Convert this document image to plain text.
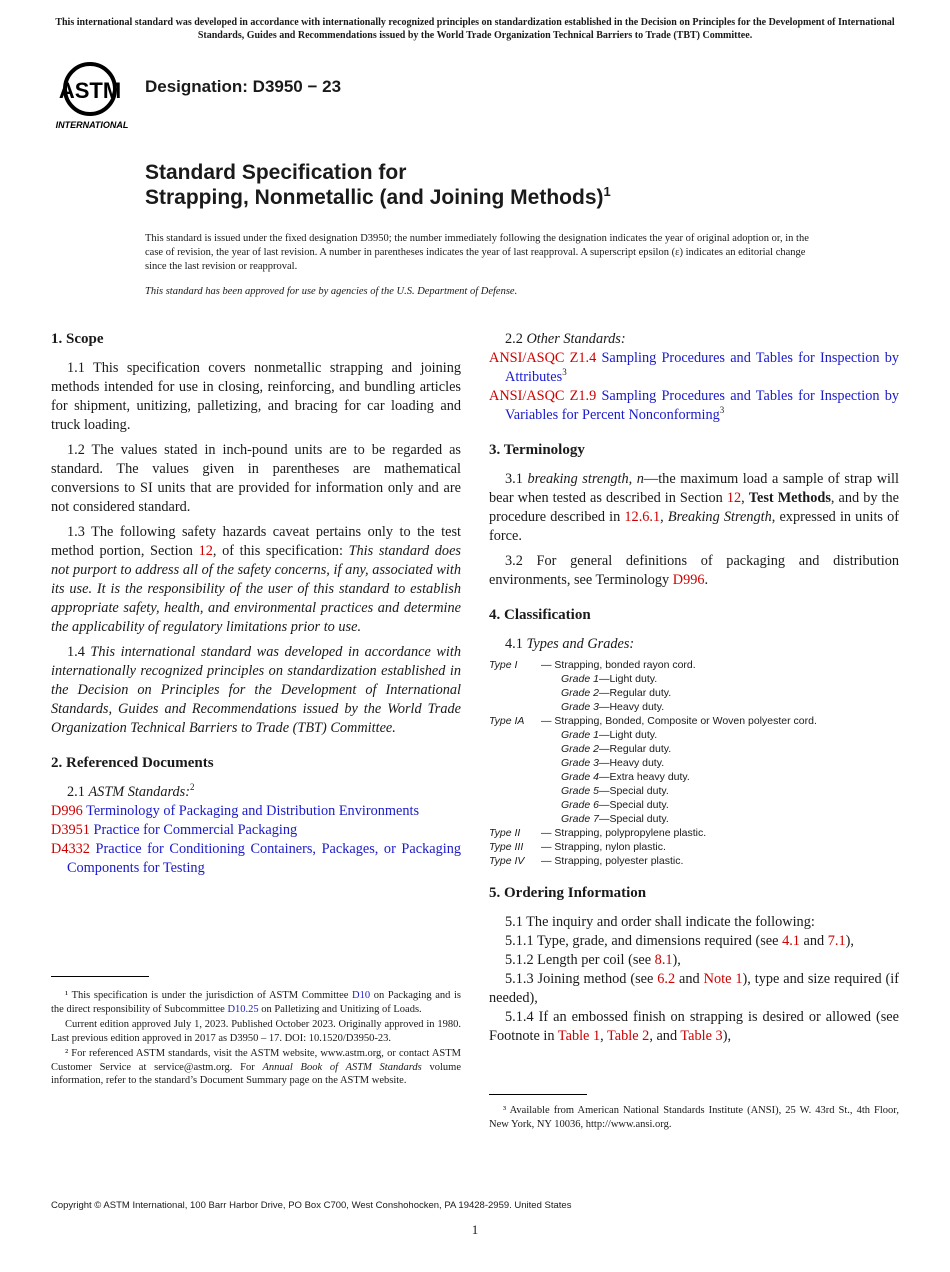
This international standard was developed in accordance with internationally recognized principles on standardization established in the Decision on Principles for the Development of International Standards, Guides and Recommendations issued by the World Trade Organization Technical Barriers to Trade (TBT) Committee.
ASTM
INTERNATIONAL
Designation: D3950 − 23
Standard Specification for
Strapping, Nonmetallic (and Joining Methods)$^1$
This standard is issued under the fixed designation D3950; the number immediately following the designation indicates the year of original adoption or, in the case of revision, the year of last revision. A number in parentheses indicates the year of last reapproval. A superscript epsilon (ε) indicates an editorial change since the last revision or reapproval.
This standard has been approved for use by agencies of the U.S. Department of Defense.
1. Scope

1.1 This specification covers nonmetallic strapping and joining methods intended for use in closing, reinforcing, and bundling articles for shipment, unitizing, palletizing, and bracing for car loading and truck loading.

1.2 The values stated in inch-pound units are to be regarded as standard. The values given in parentheses are mathematical conversions to SI units that are provided for information only and are not considered standard.

1.3 The following safety hazards caveat pertains only to the test method portion, Section 12, of this specification: This standard does not purport to address all of the safety concerns, if any, associated with its use. It is the responsibility of the user of this standard to establish appropriate safety, health, and environmental practices and determine the applicability of regulatory limitations prior to use.

1.4 This international standard was developed in accordance with internationally recognized principles on standardization established in the Decision on Principles for the Development of International Standards, Guides and Recommendations issued by the World Trade Organization Technical Barriers to Trade (TBT) Committee.

2. Referenced Documents

2.1 ASTM Standards:$^2$

D996 Terminology of Packaging and Distribution Environments

D3951 Practice for Commercial Packaging

D4332 Practice for Conditioning Containers, Packages, or Packaging Components for Testing

¹ This specification is under the jurisdiction of ASTM Committee D10 on Packaging and is the direct responsibility of Subcommittee D10.25 on Palletizing and Unitizing of Loads.

Current edition approved July 1, 2023. Published October 2023. Originally approved in 1980. Last previous edition approved in 2017 as D3950 – 17. DOI: 10.1520/D3950-23.

² For referenced ASTM standards, visit the ASTM website, www.astm.org, or contact ASTM Customer Service at service@astm.org. For Annual Book of ASTM Standards volume information, refer to the standard’s Document Summary page on the ASTM website.

2.2 Other Standards:

ANSI/ASQC Z1.4 Sampling Procedures and Tables for Inspection by Attributes$^3$

ANSI/ASQC Z1.9 Sampling Procedures and Tables for Inspection by Variables for Percent Nonconforming$^3$

3. Terminology

3.1 breaking strength, n—the maximum load a sample of strap will bear when tested as described in Section 12, Test Methods, and by the procedure described in 12.6.1, Breaking Strength, expressed in units of force.

3.2 For general definitions of packaging and distribution environments, see Terminology D996.

4. Classification

4.1 Types and Grades:

Type I	— Strapping, bonded rayon cord.
Grade 1—Light duty.
Grade 2—Regular duty.
Grade 3—Heavy duty.
Type IA	— Strapping, Bonded, Composite or Woven polyester cord.
Grade 1—Light duty.
Grade 2—Regular duty.
Grade 3—Heavy duty.
Grade 4—Extra heavy duty.
Grade 5—Special duty.
Grade 6—Special duty.
Grade 7—Special duty.
Type II	— Strapping, polypropylene plastic.
Type III	— Strapping, nylon plastic.
Type IV	— Strapping, polyester plastic.
5. Ordering Information

5.1 The inquiry and order shall indicate the following:

5.1.1 Type, grade, and dimensions required (see 4.1 and 7.1),

5.1.2 Length per coil (see 8.1),

5.1.3 Joining method (see 6.2 and Note 1), type and size required (if needed),

5.1.4 If an embossed finish on strapping is desired or allowed (see Footnote in Table 1, Table 2, and Table 3),

³ Available from American National Standards Institute (ANSI), 25 W. 43rd St., 4th Floor, New York, NY 10036, http://www.ansi.org.

Copyright © ASTM International, 100 Barr Harbor Drive, PO Box C700, West Conshohocken, PA 19428-2959. United States
1
